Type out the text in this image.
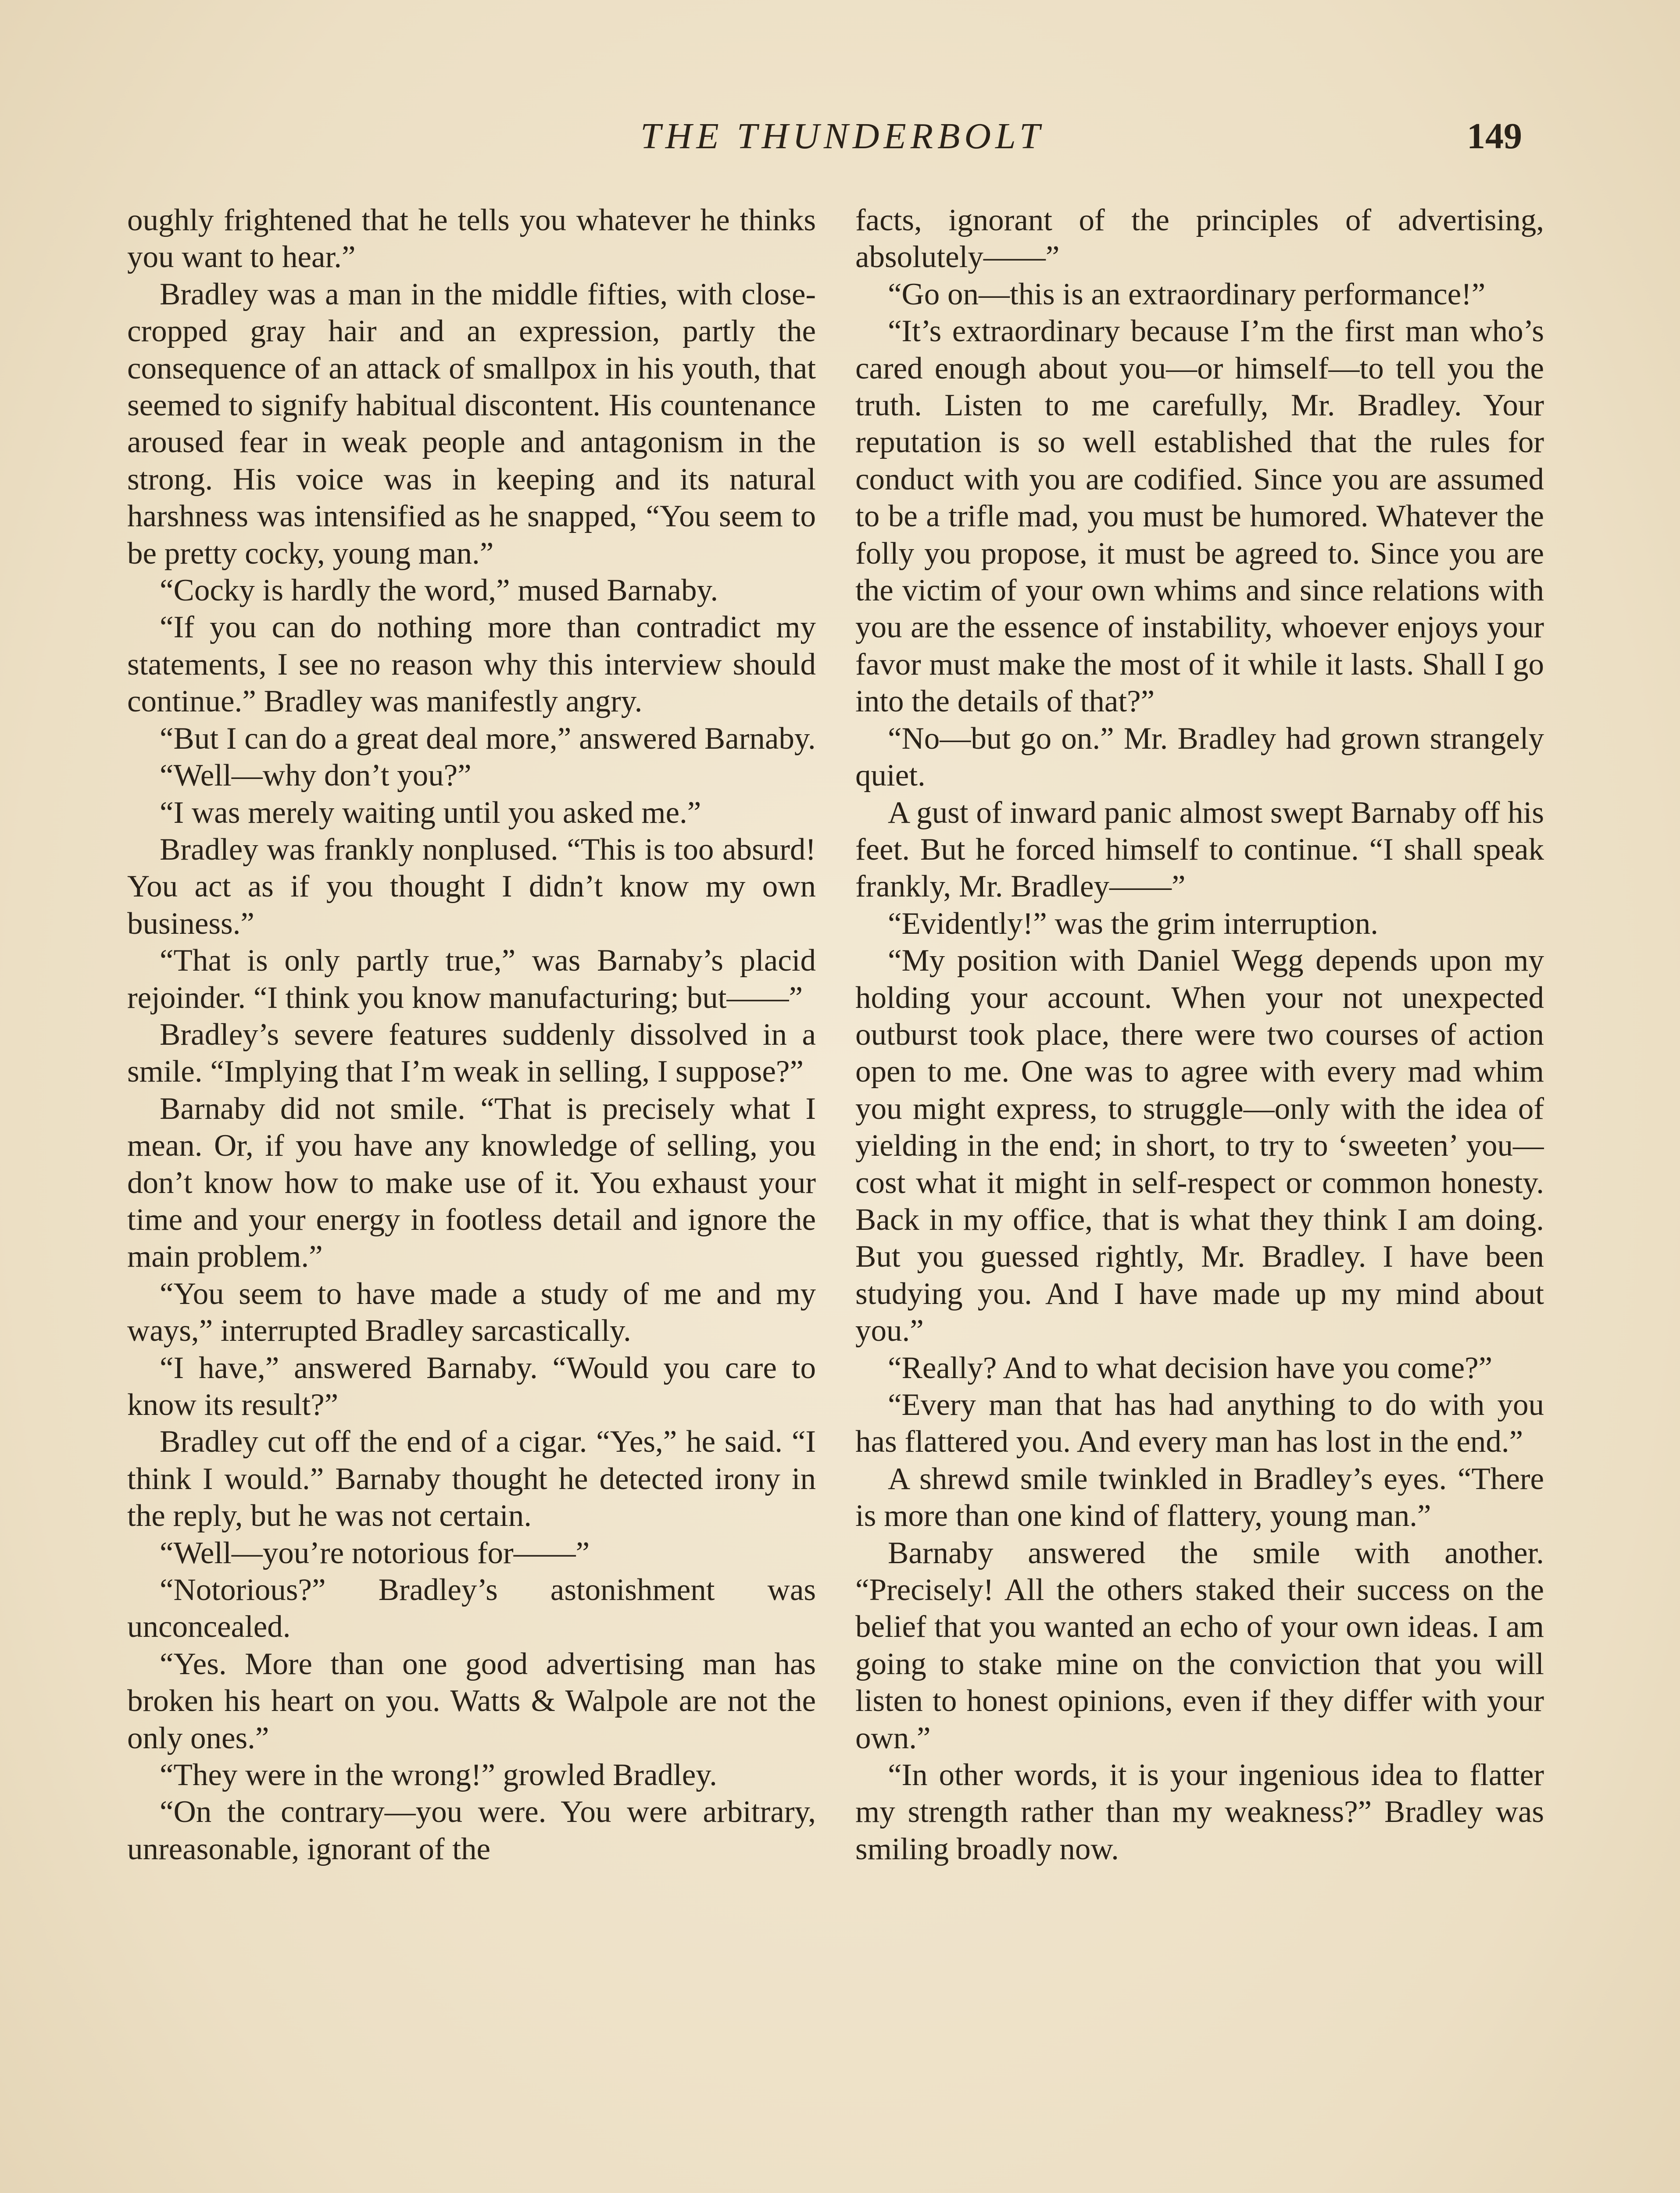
THE THUNDERBOLT	149

oughly frightened that he tells you whatever he thinks you want to hear.”

Bradley was a man in the middle fifties, with close-cropped gray hair and an expression, partly the consequence of an attack of smallpox in his youth, that seemed to signify habitual discontent. His countenance aroused fear in weak people and antagonism in the strong. His voice was in keeping and its natural harshness was intensified as he snapped, “You seem to be pretty cocky, young man.”

“Cocky is hardly the word,” mused Barnaby.

“If you can do nothing more than contradict my statements, I see no reason why this interview should continue.” Bradley was manifestly angry.

“But I can do a great deal more,” answered Barnaby.

“Well—why don’t you?”

“I was merely waiting until you asked me.”

Bradley was frankly nonplused. “This is too absurd! You act as if you thought I didn’t know my own business.”

“That is only partly true,” was Barnaby’s placid rejoinder. “I think you know manufacturing; but——”

Bradley’s severe features suddenly dissolved in a smile. “Implying that I’m weak in selling, I suppose?”

Barnaby did not smile. “That is precisely what I mean. Or, if you have any knowledge of selling, you don’t know how to make use of it. You exhaust your time and your energy in footless detail and ignore the main problem.”

“You seem to have made a study of me and my ways,” interrupted Bradley sarcastically.

“I have,” answered Barnaby. “Would you care to know its result?”

Bradley cut off the end of a cigar. “Yes,” he said. “I think I would.” Barnaby thought he detected irony in the reply, but he was not certain.

“Well—you’re notorious for——”

“Notorious?” Bradley’s astonishment was unconcealed.

“Yes. More than one good advertising man has broken his heart on you. Watts & Walpole are not the only ones.”

“They were in the wrong!” growled Bradley.

“On the contrary—you were. You were arbitrary, unreasonable, ignorant of the

facts, ignorant of the principles of advertising, absolutely——”

“Go on—this is an extraordinary performance!”

“It’s extraordinary because I’m the first man who’s cared enough about you—or himself—to tell you the truth. Listen to me carefully, Mr. Bradley. Your reputation is so well established that the rules for conduct with you are codified. Since you are assumed to be a trifle mad, you must be humored. Whatever the folly you propose, it must be agreed to. Since you are the victim of your own whims and since relations with you are the essence of instability, whoever enjoys your favor must make the most of it while it lasts. Shall I go into the details of that?”

“No—but go on.” Mr. Bradley had grown strangely quiet.

A gust of inward panic almost swept Barnaby off his feet. But he forced himself to continue. “I shall speak frankly, Mr. Bradley——”

“Evidently!” was the grim interruption.

“My position with Daniel Wegg depends upon my holding your account. When your not unexpected outburst took place, there were two courses of action open to me. One was to agree with every mad whim you might express, to struggle—only with the idea of yielding in the end; in short, to try to ‘sweeten’ you—cost what it might in self-respect or common honesty. Back in my office, that is what they think I am doing. But you guessed rightly, Mr. Bradley. I have been studying you. And I have made up my mind about you.”

“Really? And to what decision have you come?”

“Every man that has had anything to do with you has flattered you. And every man has lost in the end.”

A shrewd smile twinkled in Bradley’s eyes. “There is more than one kind of flattery, young man.”

Barnaby answered the smile with another. “Precisely! All the others staked their success on the belief that you wanted an echo of your own ideas. I am going to stake mine on the conviction that you will listen to honest opinions, even if they differ with your own.”

“In other words, it is your ingenious idea to flatter my strength rather than my weakness?” Bradley was smiling broadly now.
